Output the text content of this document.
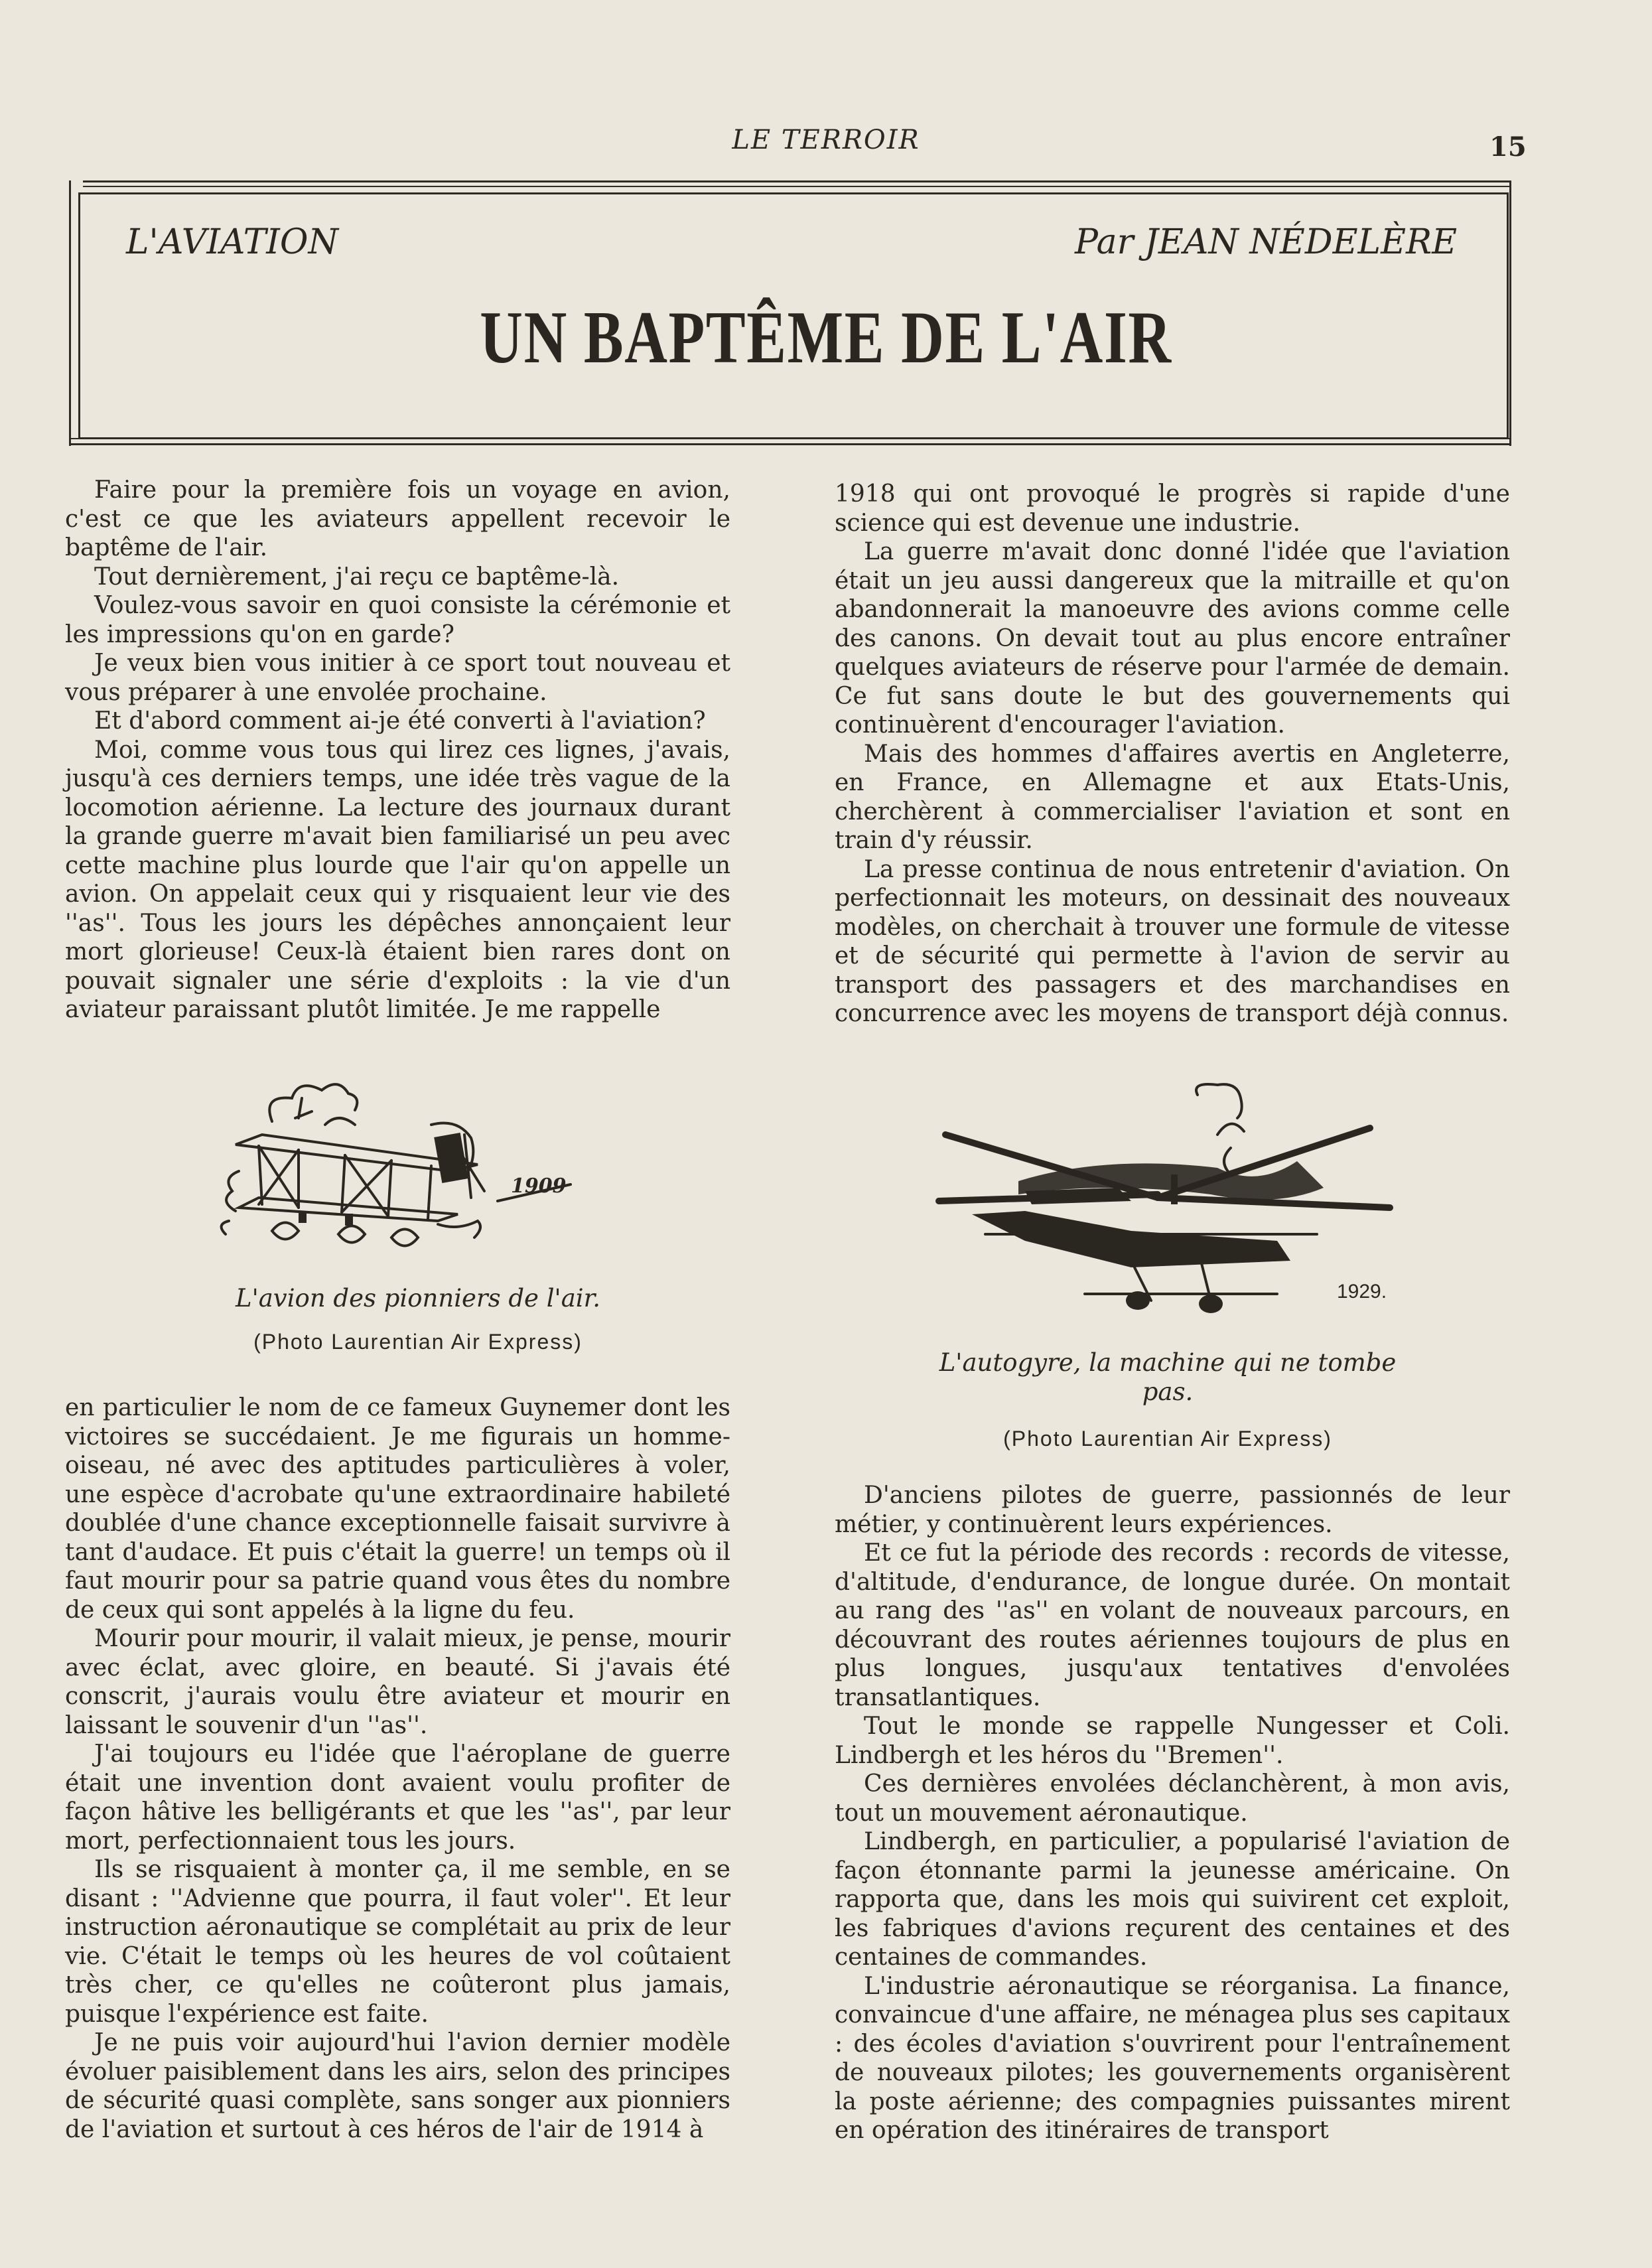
LE TERROIR	15
L'AVIATION	Par JEAN NÉDELÈRE
UN BAPTÊME DE L'AIR

Faire pour la première fois un voyage en avion, c'est ce que les aviateurs appellent recevoir le baptême de l'air.

Tout dernièrement, j'ai reçu ce baptême-là.

Voulez-vous savoir en quoi consiste la cérémonie et les impressions qu'on en garde?

Je veux bien vous initier à ce sport tout nouveau et vous préparer à une envolée prochaine.

Et d'abord comment ai-je été converti à l'aviation?

Moi, comme vous tous qui lirez ces lignes, j'avais, jusqu'à ces derniers temps, une idée très vague de la locomotion aérienne. La lecture des journaux durant la grande guerre m'avait bien familiarisé un peu avec cette machine plus lourde que l'air qu'on appelle un avion. On appelait ceux qui y risquaient leur vie des ''as''. Tous les jours les dépêches annonçaient leur mort glorieuse! Ceux-là étaient bien rares dont on pouvait signaler une série d'exploits : la vie d'un aviateur paraissant plutôt limitée. Je me rappelle

1909
L'avion des pionniers de l'air.
(Photo Laurentian Air Express)

en particulier le nom de ce fameux Guynemer dont les victoires se succédaient. Je me figurais un homme-oiseau, né avec des aptitudes particulières à voler, une espèce d'acrobate qu'une extraordinaire habileté doublée d'une chance exceptionnelle faisait survivre à tant d'audace. Et puis c'était la guerre! un temps où il faut mourir pour sa patrie quand vous êtes du nombre de ceux qui sont appelés à la ligne du feu.

Mourir pour mourir, il valait mieux, je pense, mourir avec éclat, avec gloire, en beauté. Si j'avais été conscrit, j'aurais voulu être aviateur et mourir en laissant le souvenir d'un ''as''.

J'ai toujours eu l'idée que l'aéroplane de guerre était une invention dont avaient voulu profiter de façon hâtive les belligérants et que les ''as'', par leur mort, perfectionnaient tous les jours.

Ils se risquaient à monter ça, il me semble, en se disant : ''Advienne que pourra, il faut voler''. Et leur instruction aéronautique se complétait au prix de leur vie. C'était le temps où les heures de vol coûtaient très cher, ce qu'elles ne coûteront plus jamais, puisque l'expérience est faite.

Je ne puis voir aujourd'hui l'avion dernier modèle évoluer paisiblement dans les airs, selon des principes de sécurité quasi complète, sans songer aux pionniers de l'aviation et surtout à ces héros de l'air de 1914 à

1918 qui ont provoqué le progrès si rapide d'une science qui est devenue une industrie.

La guerre m'avait donc donné l'idée que l'aviation était un jeu aussi dangereux que la mitraille et qu'on abandonnerait la manoeuvre des avions comme celle des canons. On devait tout au plus encore entraîner quelques aviateurs de réserve pour l'armée de demain. Ce fut sans doute le but des gouvernements qui continuèrent d'encourager l'aviation.

Mais des hommes d'affaires avertis en Angleterre, en France, en Allemagne et aux Etats-Unis, cherchèrent à commercialiser l'aviation et sont en train d'y réussir.

La presse continua de nous entretenir d'aviation. On perfectionnait les moteurs, on dessinait des nouveaux modèles, on cherchait à trouver une formule de vitesse et de sécurité qui permette à l'avion de servir au transport des passagers et des marchandises en concurrence avec les moyens de transport déjà connus.

1929.
L'autogyre, la machine qui ne tombe pas.
(Photo Laurentian Air Express)

D'anciens pilotes de guerre, passionnés de leur métier, y continuèrent leurs expériences.

Et ce fut la période des records : records de vitesse, d'altitude, d'endurance, de longue durée. On montait au rang des ''as'' en volant de nouveaux parcours, en découvrant des routes aériennes toujours de plus en plus longues, jusqu'aux tentatives d'envolées transatlantiques.

Tout le monde se rappelle Nungesser et Coli. Lindbergh et les héros du ''Bremen''.

Ces dernières envolées déclanchèrent, à mon avis, tout un mouvement aéronautique.

Lindbergh, en particulier, a popularisé l'aviation de façon étonnante parmi la jeunesse américaine. On rapporta que, dans les mois qui suivirent cet exploit, les fabriques d'avions reçurent des centaines et des centaines de commandes.

L'industrie aéronautique se réorganisa. La finance, convaincue d'une affaire, ne ménagea plus ses capitaux : des écoles d'aviation s'ouvrirent pour l'entraînement de nouveaux pilotes; les gouvernements organisèrent la poste aérienne; des compagnies puissantes mirent en opération des itinéraires de transport
